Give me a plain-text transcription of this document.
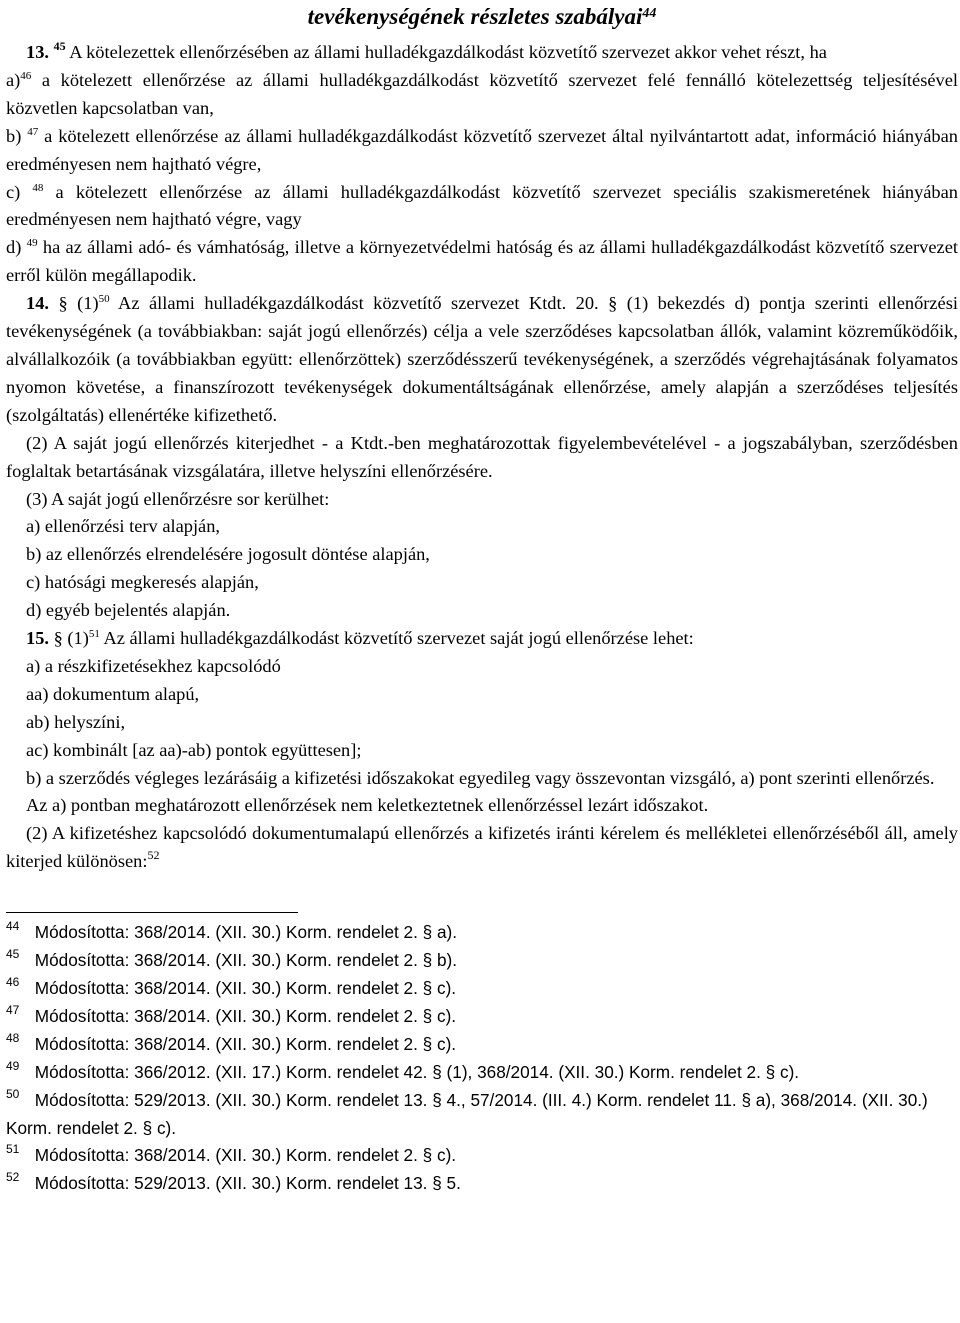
tevékenységének részletes szabályai$^{44}$

13. $^{45}$ A kötelezettek ellenőrzésében az állami hulladékgazdálkodást közvetítő szervezet akkor vehet részt, ha

a)$^{46}$ a kötelezett ellenőrzése az állami hulladékgazdálkodást közvetítő szervezet felé fennálló kötelezettség teljesítésével közvetlen kapcsolatban van,

b) $^{47}$ a kötelezett ellenőrzése az állami hulladékgazdálkodást közvetítő szervezet által nyilvántartott adat, információ hiányában eredményesen nem hajtható végre,

c) $^{48}$ a kötelezett ellenőrzése az állami hulladékgazdálkodást közvetítő szervezet speciális szakismeretének hiányában eredményesen nem hajtható végre, vagy

d) $^{49}$ ha az állami adó- és vámhatóság, illetve a környezetvédelmi hatóság és az állami hulladékgazdálkodást közvetítő szervezet erről külön megállapodik.

14. § $(1)^{50}$ Az állami hulladékgazdálkodást közvetítő szervezet Ktdt. 20. § (1) bekezdés d) pontja szerinti ellenőrzési tevékenységének (a továbbiakban: saját jogú ellenőrzés) célja a vele szerződéses kapcsolatban állók, valamint közreműködőik, alvállalkozóik (a továbbiakban együtt: ellenőrzöttek) szerződésszerű tevékenységének, a szerződés végrehajtásának folyamatos nyomon követése, a finanszírozott tevékenységek dokumentáltságának ellenőrzése, amely alapján a szerződéses teljesítés (szolgáltatás) ellenértéke kifizethető.

(2) A saját jogú ellenőrzés kiterjedhet - a Ktdt.-ben meghatározottak figyelembevételével - a jogszabályban, szerződésben foglaltak betartásának vizsgálatára, illetve helyszíni ellenőrzésére.

(3) A saját jogú ellenőrzésre sor kerülhet:

a) ellenőrzési terv alapján,

b) az ellenőrzés elrendelésére jogosult döntése alapján,

c) hatósági megkeresés alapján,

d) egyéb bejelentés alapján.

15. § $(1)^{51}$ Az állami hulladékgazdálkodást közvetítő szervezet saját jogú ellenőrzése lehet:

a) a részkifizetésekhez kapcsolódó

aa) dokumentum alapú,

ab) helyszíni,

ac) kombinált [az aa)-ab) pontok együttesen];

b) a szerződés végleges lezárásáig a kifizetési időszakokat egyedileg vagy összevontan vizsgáló, a) pont szerinti ellenőrzés.

Az a) pontban meghatározott ellenőrzések nem keletkeztetnek ellenőrzéssel lezárt időszakot.

(2) A kifizetéshez kapcsolódó dokumentumalapú ellenőrzés a kifizetés iránti kérelem és mellékletei ellenőrzéséből áll, amely kiterjed különösen:$^{52}$

$^{44}$ Módosította: 368/2014. (XII. 30.) Korm. rendelet 2. § a).

$^{45}$ Módosította: 368/2014. (XII. 30.) Korm. rendelet 2. § b).

$^{46}$ Módosította: 368/2014. (XII. 30.) Korm. rendelet 2. § c).

$^{47}$ Módosította: 368/2014. (XII. 30.) Korm. rendelet 2. § c).

$^{48}$ Módosította: 368/2014. (XII. 30.) Korm. rendelet 2. § c).

$^{49}$ Módosította: 366/2012. (XII. 17.) Korm. rendelet 42. § (1), 368/2014. (XII. 30.) Korm. rendelet 2. § c).

$^{50}$ Módosította: 529/2013. (XII. 30.) Korm. rendelet 13. § 4., 57/2014. (III. 4.) Korm. rendelet 11. § a), 368/2014. (XII. 30.) Korm. rendelet 2. § c).

$^{51}$ Módosította: 368/2014. (XII. 30.) Korm. rendelet 2. § c).

$^{52}$ Módosította: 529/2013. (XII. 30.) Korm. rendelet 13. § 5.
